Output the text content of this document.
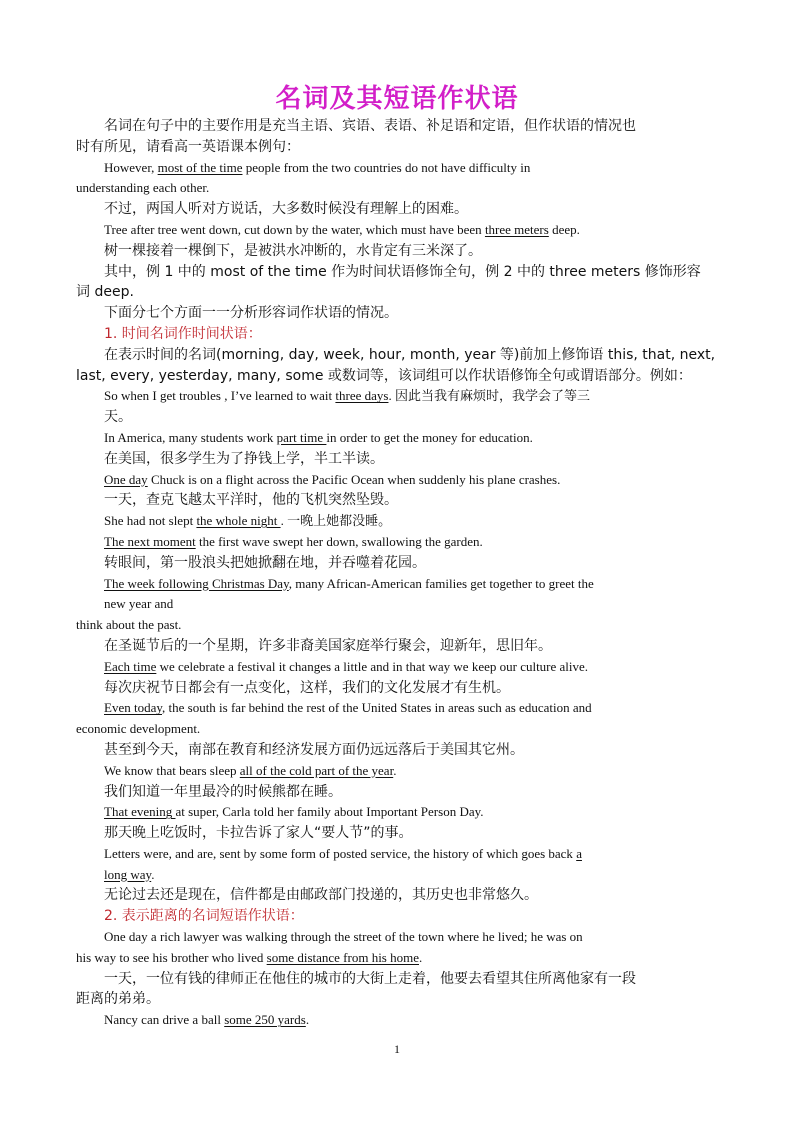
名词及其短语作状语
名词在句子中的主要作用是充当主语、宾语、表语、补足语和定语，但作状语的情况也
时有所见，请看高一英语课本例句：
However, most of the time people from the two countries do not have difficulty in
understanding each other.
不过，两国人听对方说话，大多数时候没有理解上的困难。
Tree after tree went down, cut down by the water, which must have been three meters deep.
树一棵接着一棵倒下，是被洪水冲断的，水肯定有三米深了。
其中，例 1 中的 most of the time 作为时间状语修饰全句，例 2 中的 three meters 修饰形容
词 deep.
下面分七个方面一一分析形容词作状语的情况。
1. 时间名词作时间状语：
在表示时间的名词(morning, day, week, hour, month, year 等)前加上修饰语 this, that, next,
last, every, yesterday, many, some 或数词等，该词组可以作状语修饰全句或谓语部分。例如：
So when I get troubles , I’ve learned to wait three days. 因此当我有麻烦时，我学会了等三
天。
In America, many students work part time in order to get the money for education.
在美国，很多学生为了挣钱上学，半工半读。
One day Chuck is on a flight across the Pacific Ocean when suddenly his plane crashes.
一天，查克飞越太平洋时，他的飞机突然坠毁。
She had not slept the whole night . 一晚上她都没睡。
The next moment the first wave swept her down, swallowing the garden.
转眼间，第一股浪头把她掀翻在地，并吞噬着花园。
The week following Christmas Day, many African-American families get together to greet the
new year and
think about the past.
在圣诞节后的一个星期，许多非裔美国家庭举行聚会，迎新年，思旧年。
Each time we celebrate a festival it changes a little and in that way we keep our culture alive.
每次庆祝节日都会有一点变化，这样，我们的文化发展才有生机。
Even today, the south is far behind the rest of the United States in areas such as education and
economic development.
甚至到今天，南部在教育和经济发展方面仍远远落后于美国其它州。
We know that bears sleep all of the cold part of the year.
我们知道一年里最冷的时候熊都在睡。
That evening at super, Carla told her family about Important Person Day.
那天晚上吃饭时，卡拉告诉了家人“要人节”的事。
Letters were, and are, sent by some form of posted service, the history of which goes back a
long way.
无论过去还是现在，信件都是由邮政部门投递的，其历史也非常悠久。
2. 表示距离的名词短语作状语：
One day a rich lawyer was walking through the street of the town where he lived; he was on
his way to see his brother who lived some distance from his home.
一天，一位有钱的律师正在他住的城市的大街上走着，他要去看望其住所离他家有一段
距离的弟弟。
Nancy can drive a ball some 250 yards.
1
